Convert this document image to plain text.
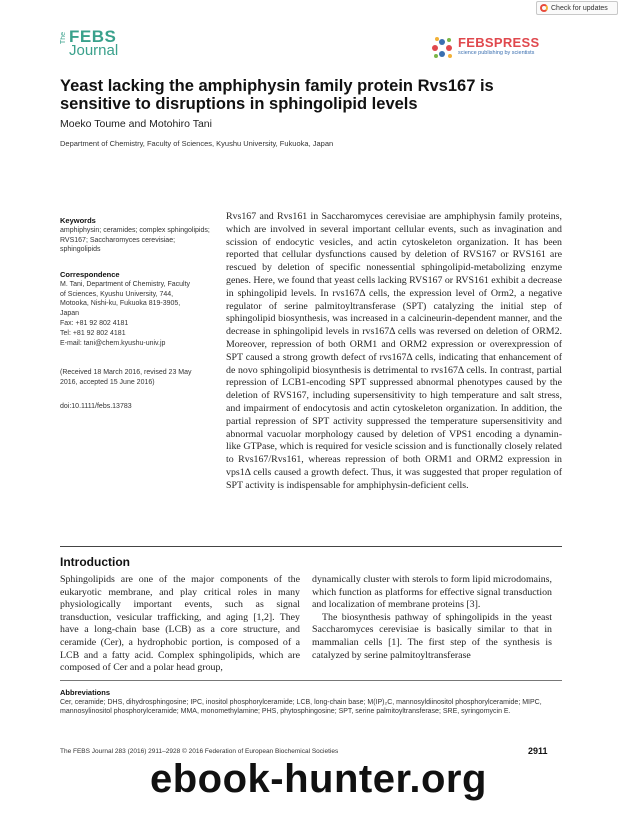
Check for updates
The FEBS
Journal	FEBSPRESS
science publishing by scientists
Yeast lacking the amphiphysin family protein Rvs167 is sensitive to disruptions in sphingolipid levels
Moeko Toume and Motohiro Tani
Department of Chemistry, Faculty of Sciences, Kyushu University, Fukuoka, Japan
Keywords
amphiphysin; ceramides; complex sphingolipids; RVS167; Saccharomyces cerevisiae; sphingolipids
Correspondence
M. Tani, Department of Chemistry, Faculty
of Sciences, Kyushu University, 744,
Motooka, Nishi-ku, Fukuoka 819-3905,
Japan
Fax: +81 92 802 4181
Tel: +81 92 802 4181
E-mail: tani@chem.kyushu-univ.jp
(Received 18 March 2016, revised 23 May 2016, accepted 15 June 2016)
doi:10.1111/febs.13783
Rvs167 and Rvs161 in Saccharomyces cerevisiae are amphiphysin family proteins, which are involved in several important cellular events, such as invagination and scission of endocytic vesicles, and actin cytoskeleton organization. It has been reported that cellular dysfunctions caused by deletion of RVS167 or RVS161 are rescued by deletion of specific nonessential sphingolipid-metabolizing enzyme genes. Here, we found that yeast cells lacking RVS167 or RVS161 exhibit a decrease in sphingolipid levels. In rvs167Δ cells, the expression level of Orm2, a negative regulator of serine palmitoyltransferase (SPT) catalyzing the initial step of sphingolipid biosynthesis, was increased in a calcineurin-dependent manner, and the decrease in sphingolipid levels in rvs167Δ cells was reversed on deletion of ORM2. Moreover, repression of both ORM1 and ORM2 expression or overexpression of SPT caused a strong growth defect of rvs167Δ cells, indicating that enhancement of de novo sphingolipid biosynthesis is detrimental to rvs167Δ cells. In contrast, partial repression of LCB1-encoding SPT suppressed abnormal phenotypes caused by the deletion of RVS167, including supersensitivity to high temperature and salt stress, and impairment of endocytosis and actin cytoskeleton organization. In addition, the partial repression of SPT activity suppressed the temperature supersensitivity and abnormal vacuolar morphology caused by deletion of VPS1 encoding a dynamin-like GTPase, which is required for vesicle scission and is functionally closely related to Rvs167/Rvs161, whereas repression of both ORM1 and ORM2 expression in vps1Δ cells caused a growth defect. Thus, it was suggested that proper regulation of SPT activity is indispensable for amphiphysin-deficient cells.
Introduction
Sphingolipids are one of the major components of the eukaryotic membrane, and play critical roles in many physiologically important events, such as signal transduction, vesicular trafficking, and aging [1,2]. They have a long-chain base (LCB) as a core structure, and ceramide (Cer), a hydrophobic portion, is composed of a LCB and a fatty acid. Complex sphingolipids, which are composed of Cer and a polar head group,
dynamically cluster with sterols to form lipid microdomains, which function as platforms for effective signal transduction and localization of membrane proteins [3].
The biosynthesis pathway of sphingolipids in the yeast Saccharomyces cerevisiae is basically similar to that in mammalian cells [1]. The first step of the synthesis is catalyzed by serine palmitoyltransferase
Abbreviations
Cer, ceramide; DHS, dihydrosphingosine; IPC, inositol phosphorylceramide; LCB, long-chain base; M(IP)₂C, mannosyldiinositol phosphorylceramide; MIPC, mannosylinositol phosphorylceramide; MMA, monomethylamine; PHS, phytosphingosine; SPT, serine palmitoyltransferase; SRE, syringomycin E.
The FEBS Journal 283 (2016) 2911–2928 © 2016 Federation of European Biochemical Societies	2911
ebook-hunter.org
